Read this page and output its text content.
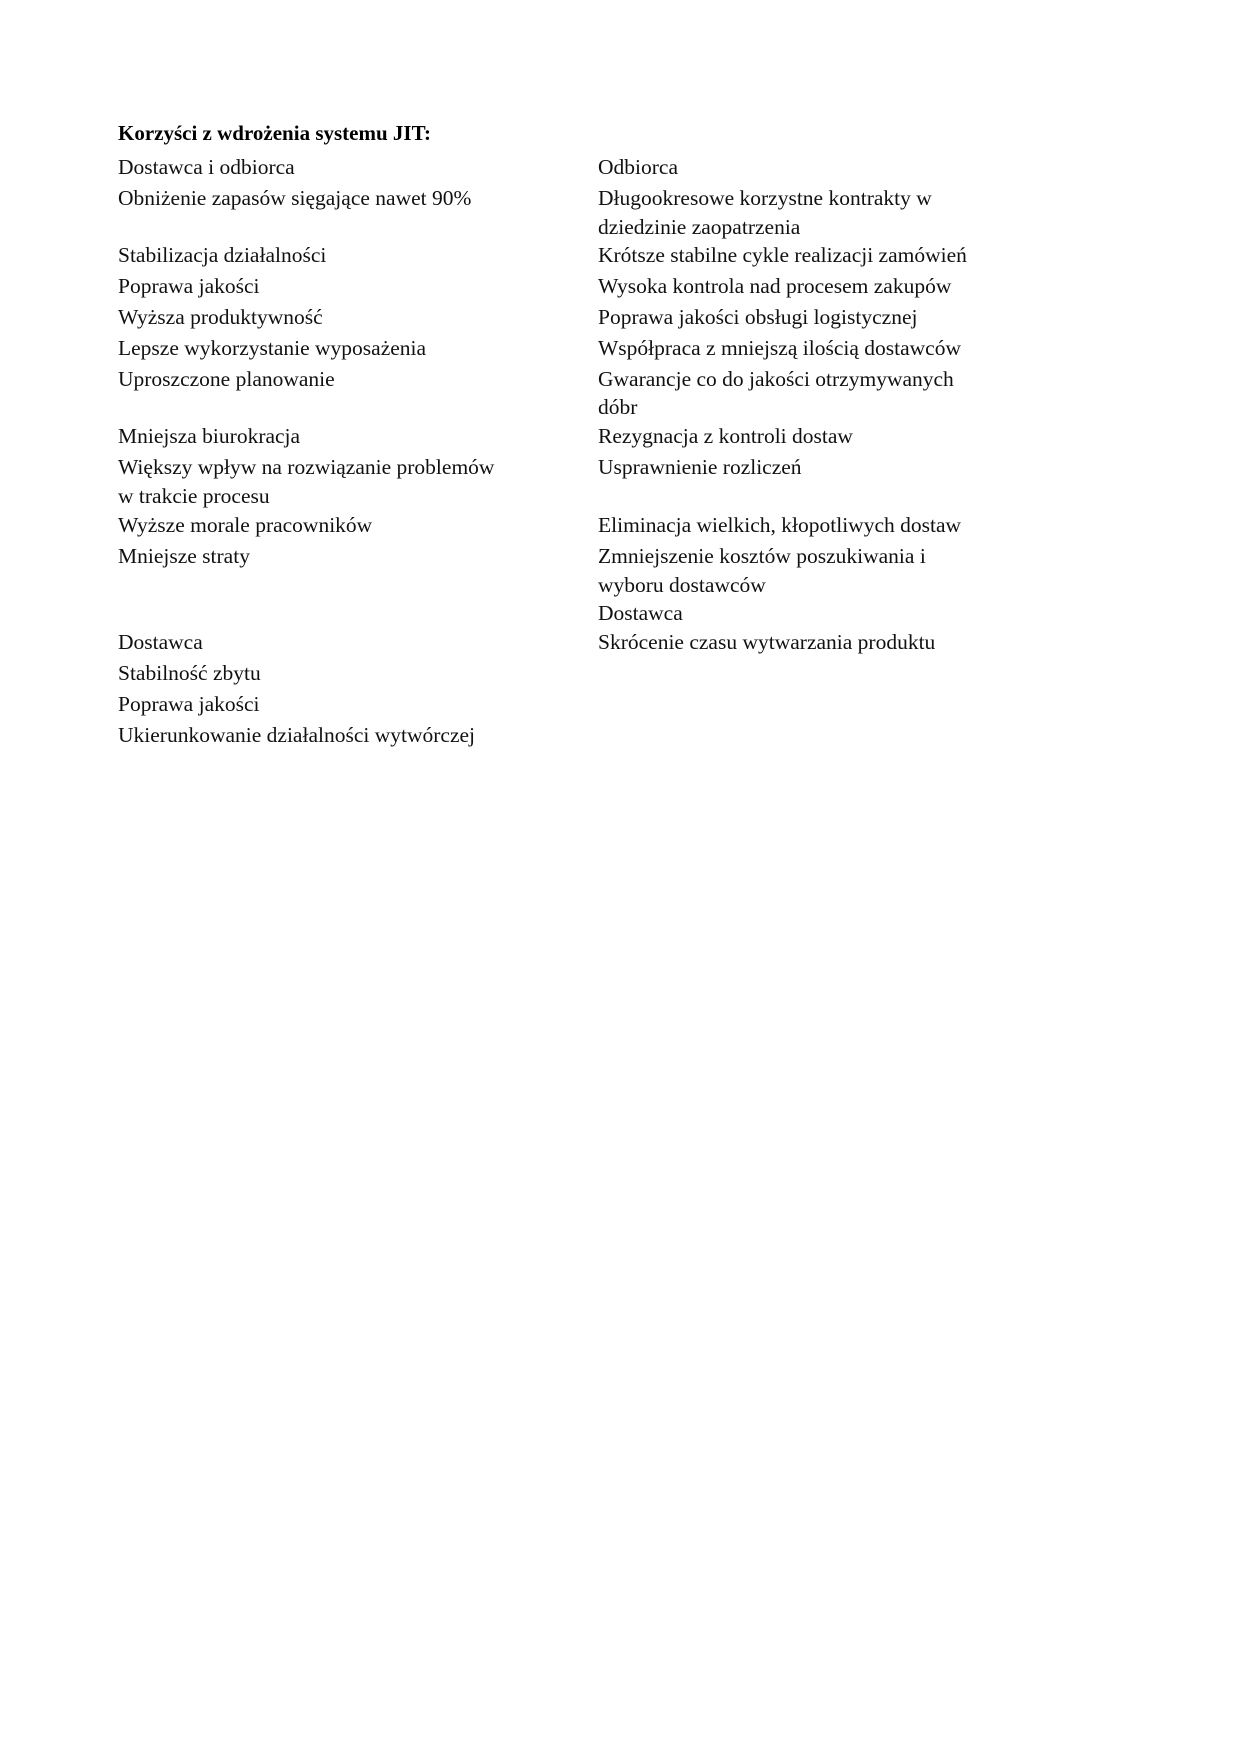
Korzyści z wdrożenia systemu JIT:
Dostawca i odbiorca
Obniżenie zapasów sięgające nawet 90%
Stabilizacja działalności
Poprawa jakości
Wyższa produktywność
Lepsze wykorzystanie wyposażenia
Uproszczone planowanie
Mniejsza biurokracja
Większy wpływ na rozwiązanie problemów
w trakcie procesu
Wyższe morale pracowników
Mniejsze straty
Dostawca
Stabilność zbytu
Poprawa jakości
Ukierunkowanie działalności wytwórczej
Odbiorca
Długookresowe korzystne kontrakty w
dziedzinie zaopatrzenia
Krótsze stabilne cykle realizacji zamówień
Wysoka kontrola nad procesem zakupów
Poprawa jakości obsługi logistycznej
Współpraca z mniejszą ilością dostawców
Gwarancje co do jakości otrzymywanych
dóbr
Rezygnacja z kontroli dostaw
Usprawnienie rozliczeń
Eliminacja wielkich, kłopotliwych dostaw
Zmniejszenie kosztów poszukiwania i
wyboru dostawców
Dostawca
Skrócenie czasu wytwarzania produktu
